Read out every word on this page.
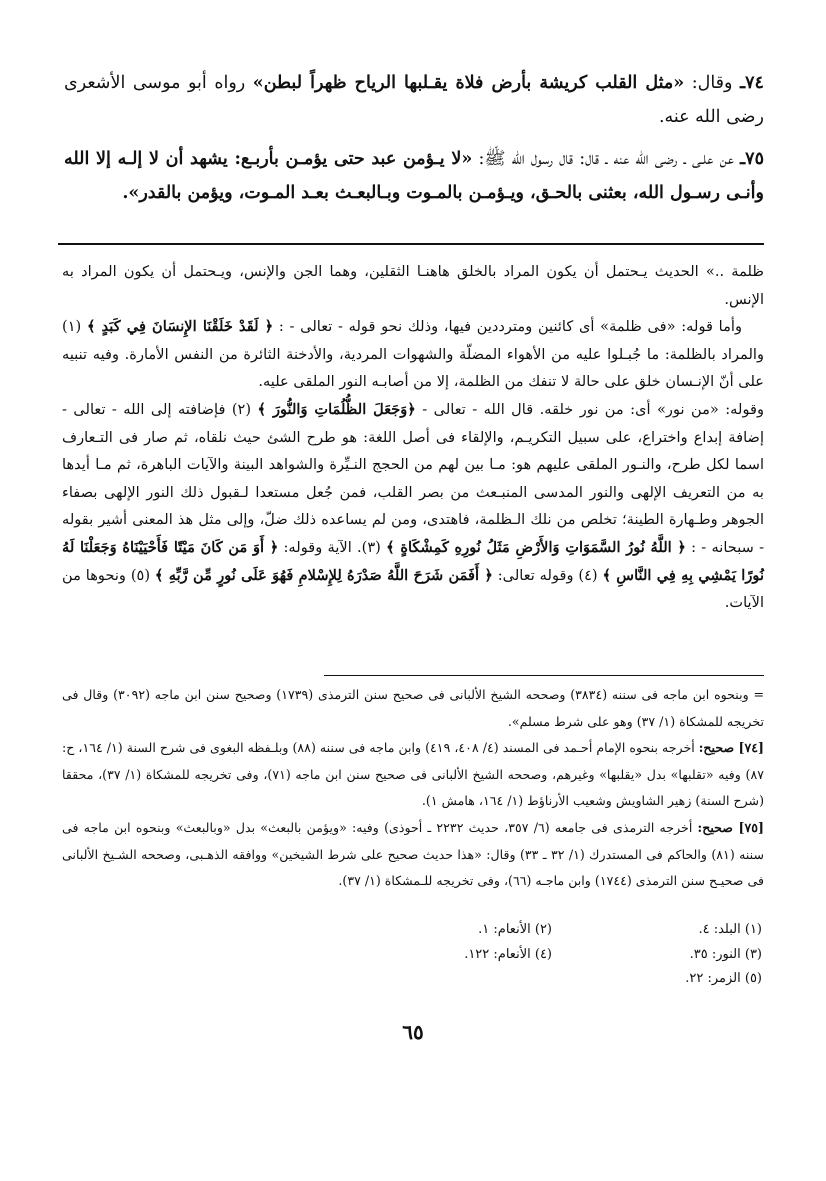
٧٤ـ وقال: «مثل القلب كريشة بأرض فلاة يقـلبها الرياح ظهراً لبطن» رواه أبو موسى الأشعرى رضى الله عنه.
٧٥ـ عن علـى ـ رضى الله عنه ـ قال: قال رسول الله ﷺ: «لا يـؤمن عبد حتى يؤمـن بأربـع: يشهد أن لا إلـه إلا الله وأنـى رسـول الله، بعثنى بالحـق، ويـؤمـن بالمـوت وبـالبعـث بعـد المـوت، ويؤمن بالقدر».

ظلمة ..» الحديث يـحتمل أن يكون المراد بالخلق هاهنـا الثقلين، وهما الجن والإنس، ويـحتمل أن يكون المراد به الإنس.

وأما قوله: «فى ظلمة» أى كائنين ومترددين فيها، وذلك نحو قوله - تعالى - : ﴿ لَقَدْ خَلَقْنَا الإِنسَانَ فِي كَبَدٍ ﴾ (١) والمراد بالظلمة: ما جُبـلوا عليه من الأهواء المضلّة والشهوات المردية، والأدخنة الثائرة من النفس الأمارة. وفيه تنبيه على أنّ الإنـسان خلق على حالة لا تنفك من الظلمة، إلا من أصابـه النور الملقى عليه.

وقوله: «من نور» أى: من نور خلقه. قال الله - تعالى - ﴿وَجَعَلَ الظُّلُمَاتِ وَالنُّورَ ﴾ (٢) فإضافته إلى الله - تعالى - إضافة إبداع واختراع، على سبيل التكريـم، والإلقاء فى أصل اللغة: هو طرح الشئ حيث نلقاه، ثم صار فى التـعارف اسما لكل طرح، والنـور الملقى عليهم هو: مـا بين لهم من الحجج النـيِّرة والشواهد البينة والآيات الباهرة، ثم مـا أيدها به من التعريف الإلهى والنور المدسى المنبـعث من بصر القلب، فمن جُعل مستعدا لـقبول ذلك النور الإلهى بصفاء الجوهر وطـهارة الطينة؛ تخلص من نلك الـظلمة، فاهتدى، ومن لم يساعده ذلك ضلّ، وإلى مثل هذ المعنى أشير بقوله - سبحانه - : ﴿ اللَّهُ نُورُ السَّمَوَاتِ وَالأَرْضِ مَثَلُ نُورِهِ كَمِشْكَاةٍ ﴾ (٣). الآية وقوله: ﴿ أَوَ مَن كَانَ مَيْتًا فَأَحْيَيْنَاهُ وَجَعَلْنَا لَهُ نُورًا يَمْشِي بِهِ فِي النَّاسِ ﴾ (٤) وقوله تعالى: ﴿ أَفَمَن شَرَحَ اللَّهُ صَدْرَهُ لِلإِسْلامِ فَهُوَ عَلَى نُورٍ مِّن رَّبِّهِ ﴾ (٥) ونحوها من الآيات.

= وبنحوه ابن ماجه فى سننه (٣٨٣٤) وصححه الشيخ الألبانى فى صحيح سنن الترمذى (١٧٣٩) وصحيح سنن ابن ماجه (٣٠٩٢) وقال فى تخريجه للمشكاة (١/ ٣٧) وهو على شرط مسلم».

[٧٤] صحيح: أخرجه بنحوه الإمام أحـمد فى المسند (٤/ ٤٠٨، ٤١٩) وابن ماجه فى سننه (٨٨) وبلـفظه البغوى فى شرح السنة (١/ ١٦٤، ح: ٨٧) وفيه «تقلبها» بدل «يقلبها» وغيرهم، وصححه الشيخ الألبانى فى صحيح سنن ابن ماجه (٧١)، وفى تخريجه للمشكاة (١/ ٣٧)، محققا (شرح السنة) زهير الشاويش وشعيب الأرناؤط (١/ ١٦٤، هامش ١).

[٧٥] صحيح: أخرجه الترمذى فى جامعه (٦/ ٣٥٧، حديث ٢٢٣٢ ـ أحوذى) وفيه: «ويؤمن بالبعث» بدل «وبالبعث» وبنحوه ابن ماجه فى سننه (٨١) والحاكم فى المستدرك (١/ ٣٢ ـ ٣٣) وقال: «هذا حديث صحيح على شرط الشيخين» ووافقه الذهـبى، وصححه الشـيخ الألبانى فى صحيـح سنن الترمذى (١٧٤٤) وابن ماجـه (٦٦)، وفى تخريجه للـمشكاة (١/ ٣٧).

(١) البلد: ٤.
(٢) الأنعام: ١.
(٣) النور: ٣٥.
(٤) الأنعام: ١٢٢.
(٥) الزمر: ٢٢.
٦٥
